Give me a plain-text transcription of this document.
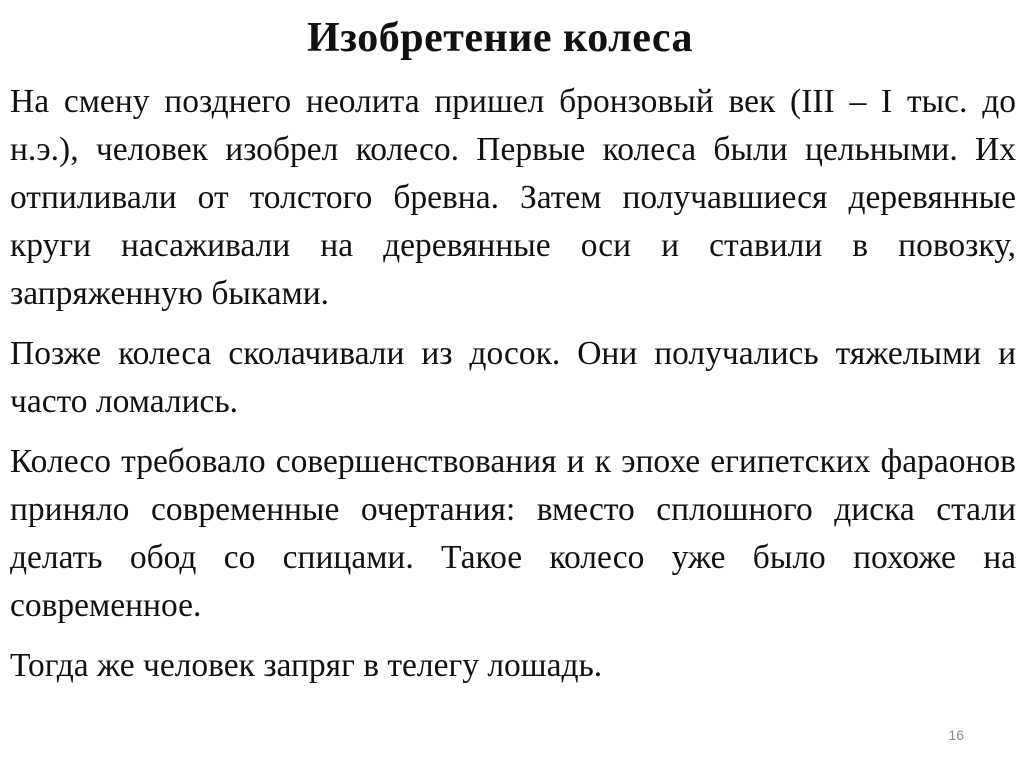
Изобретение колеса

На смену позднего неолита пришел бронзовый век (III – I тыс. до н.э.), человек изобрел колесо. Первые колеса были цельными. Их отпиливали от толстого бревна. Затем получавшиеся деревянные круги насаживали на деревянные оси и ставили в повозку, запряженную быками.

Позже колеса сколачивали из досок. Они получались тяжелыми и часто ломались.

Колесо требовало совершенствования и к эпохе египетских фараонов приняло современные очертания: вместо сплошного диска стали делать обод со спицами. Такое колесо уже было похоже на современное.

Тогда же человек запряг в телегу лошадь.

16
